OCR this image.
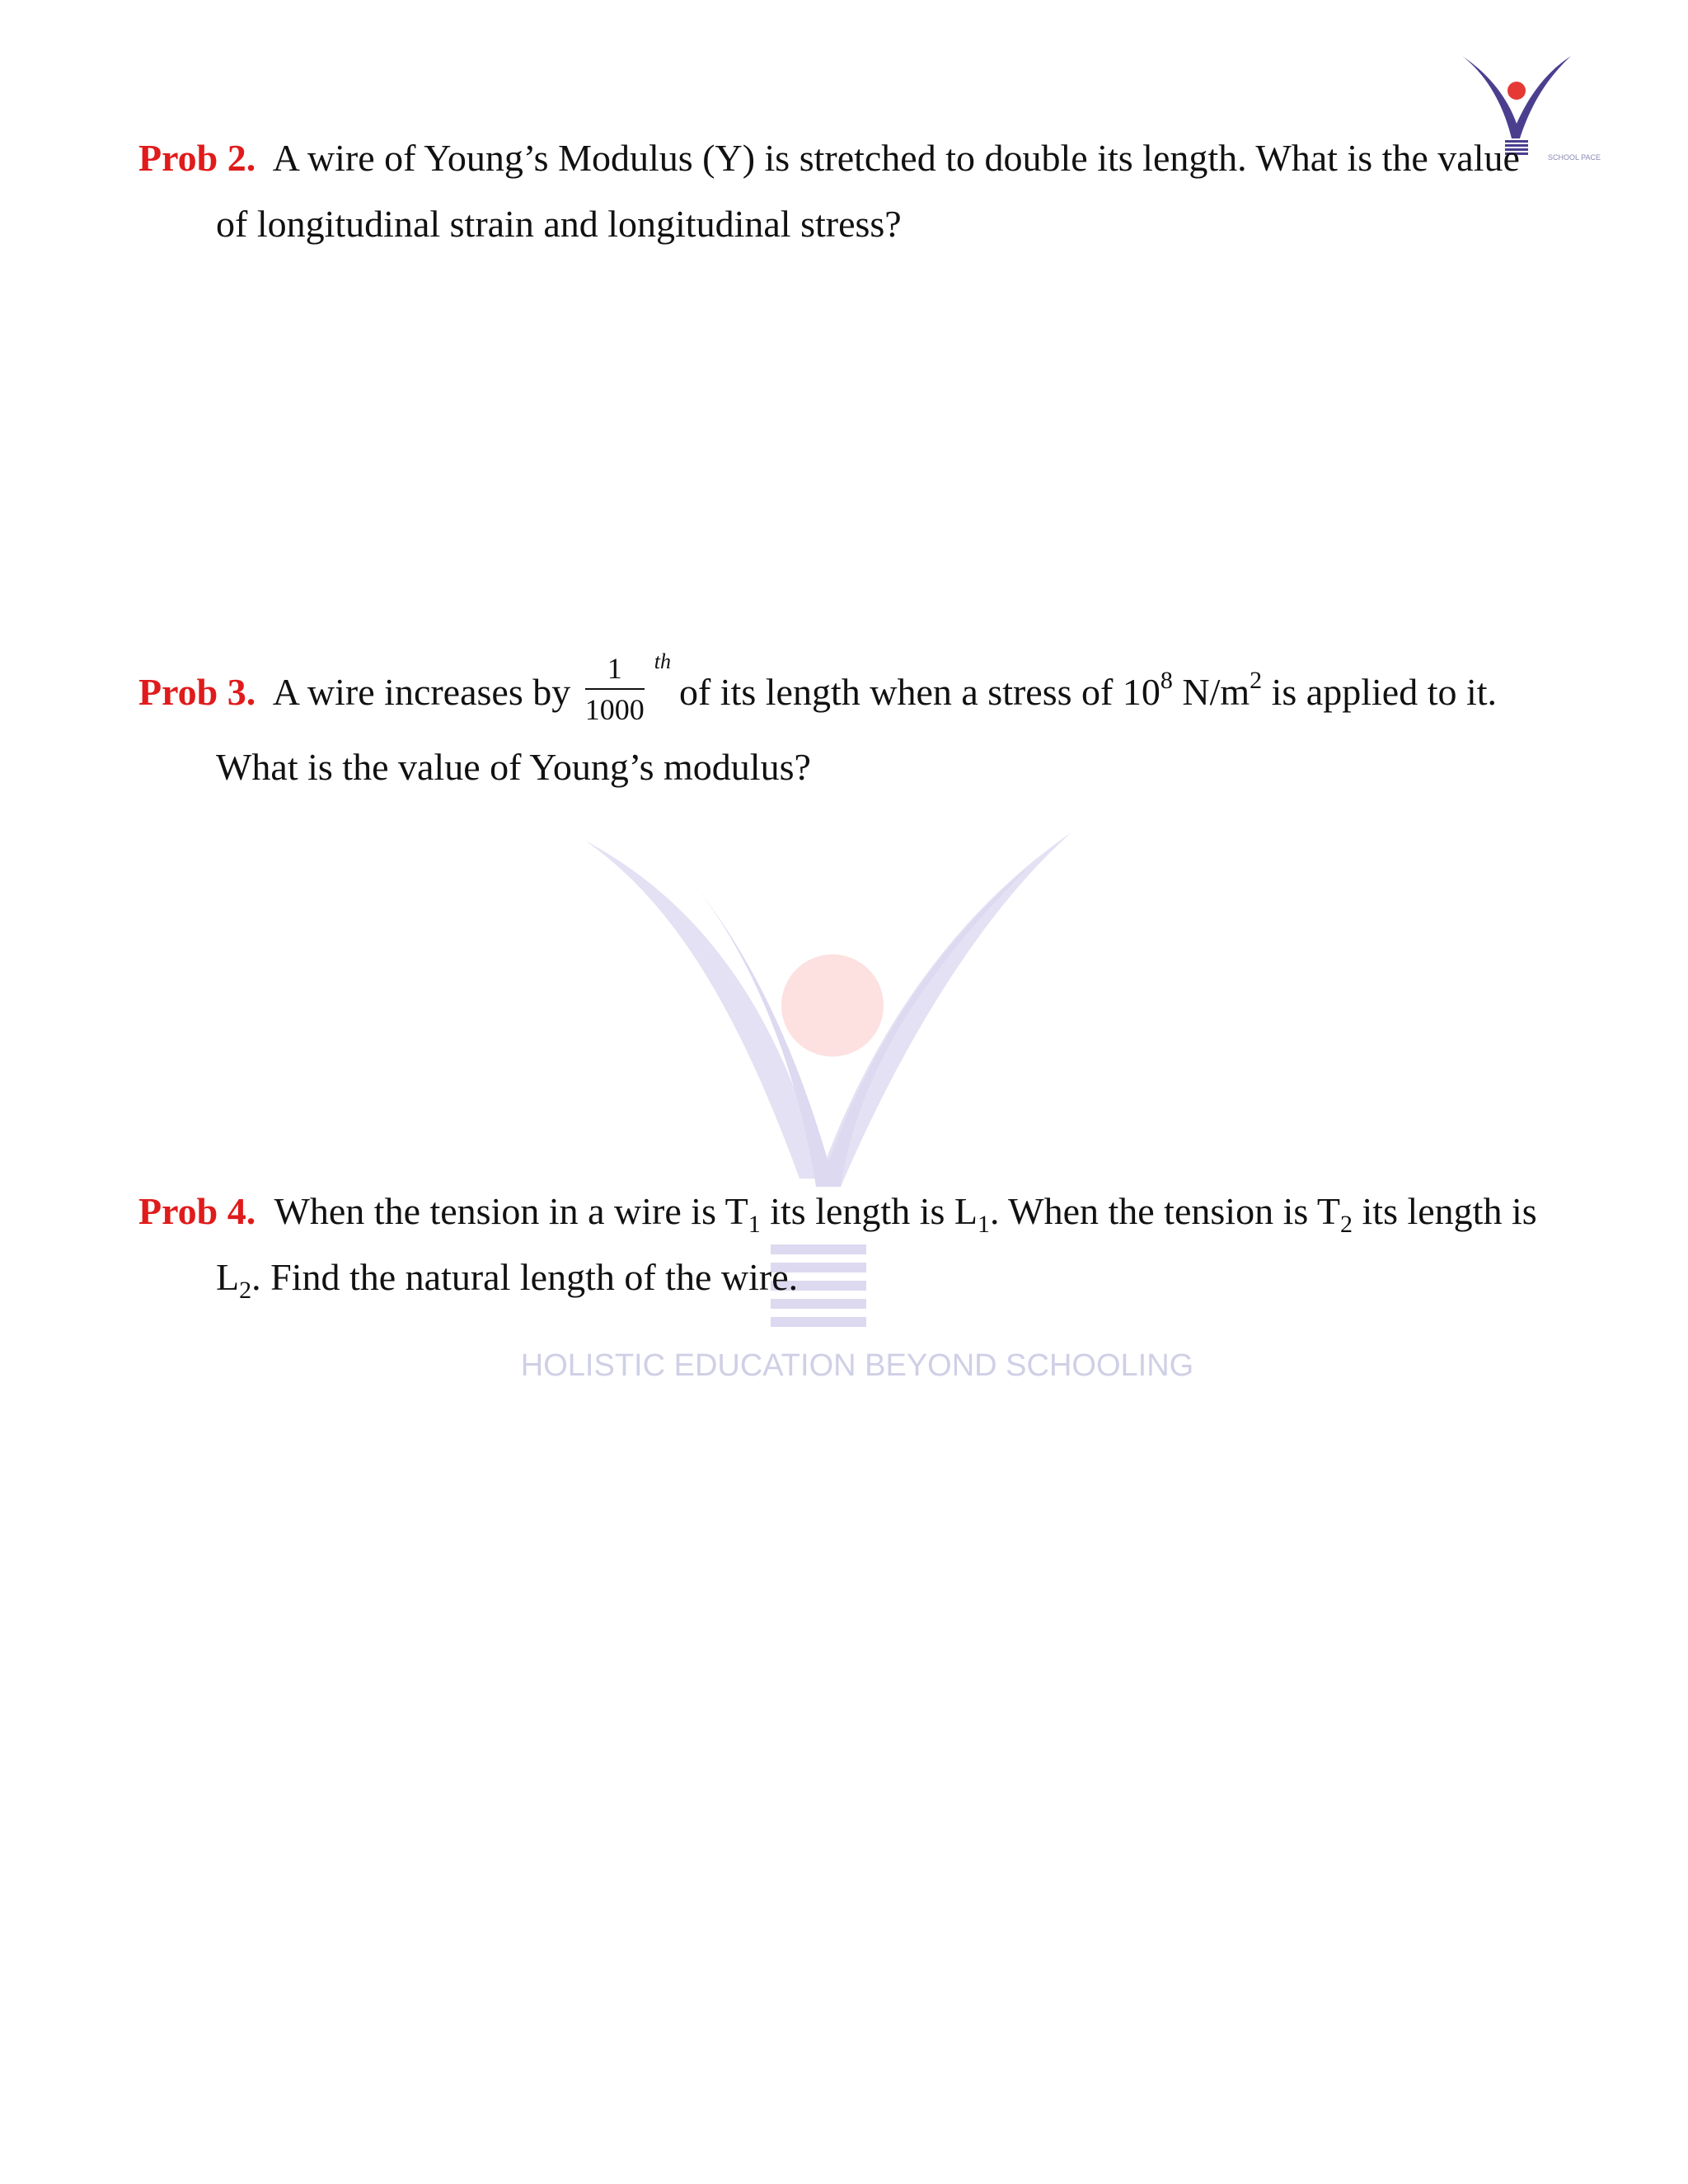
HOLISTIC EDUCATION BEYOND SCHOOLING
SCHOOL PACE
Prob 2. A wire of Young’s Modulus (Y) is stretched to double its length. What is the value
of longitudinal strain and longitudinal stress?
Prob 3. A wire increases by $\frac{1}{1000} ^{th}of$ its length when a stress of $10^8$ $N/m^2$ is applied to it.
What is the value of Young’s modulus?
Prob 4. When the tension in a wire is $T_1$ its length is $L_1$. When the tension is $T_2$ its length is
$L_2$. Find the natural length of the wire.
